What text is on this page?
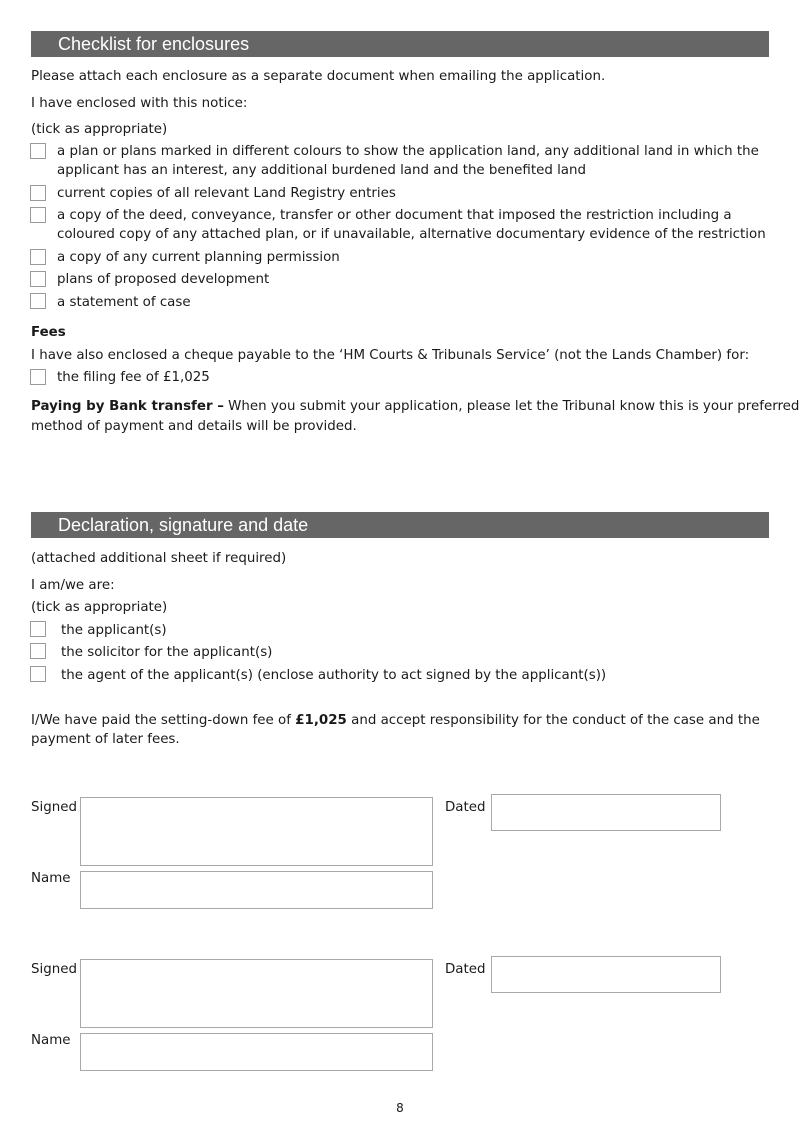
Checklist for enclosures
Please attach each enclosure as a separate document when emailing the application.
I have enclosed with this notice:
(tick as appropriate)
a plan or plans marked in different colours to show the application land, any additional land in which the
applicant has an interest, any additional burdened land and the benefited land
current copies of all relevant Land Registry entries
a copy of the deed, conveyance, transfer or other document that imposed the restriction including a
coloured copy of any attached plan, or if unavailable, alternative documentary evidence of the restriction
a copy of any current planning permission
plans of proposed development
a statement of case
Fees
I have also enclosed a cheque payable to the ‘HM Courts & Tribunals Service’ (not the Lands Chamber) for:
the filing fee of £1,025
Paying by Bank transfer – When you submit your application, please let the Tribunal know this is your preferred
method of payment and details will be provided.
Declaration, signature and date
(attached additional sheet if required)
I am/we are:
(tick as appropriate)
the applicant(s)
the solicitor for the applicant(s)
the agent of the applicant(s) (enclose authority to act signed by the applicant(s))
I/We have paid the setting-down fee of £1,025 and accept responsibility for the conduct of the case and the
payment of later fees.
Signed	Dated
Name
Signed	Dated
Name
8
